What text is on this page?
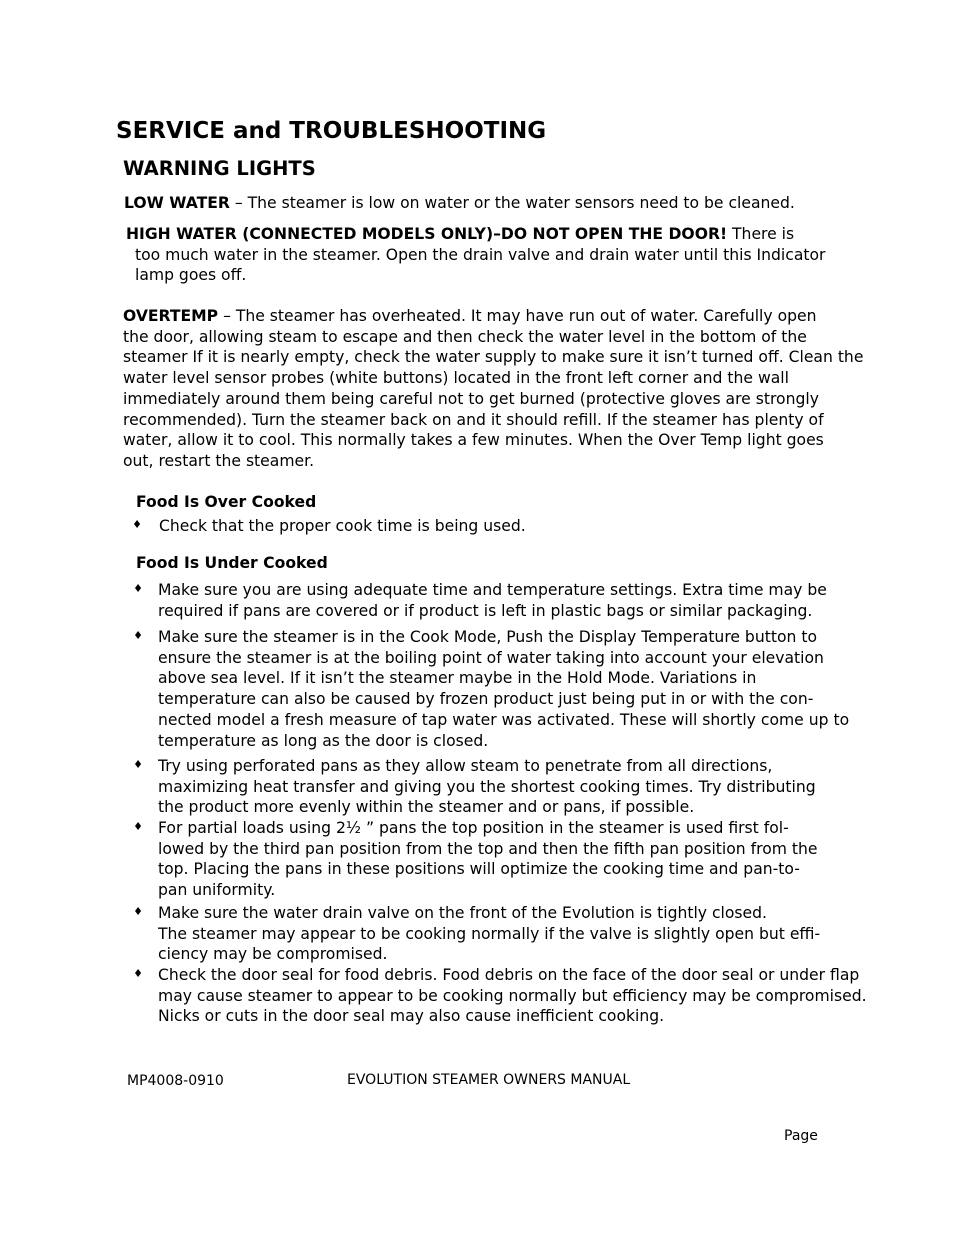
SERVICE and TROUBLESHOOTING
WARNING LIGHTS
LOW WATER – The steamer is low on water or the water sensors need to be cleaned.
HIGH WATER (CONNECTED MODELS ONLY)–DO NOT OPEN THE DOOR! There is
too much water in the steamer. Open the drain valve and drain water until this Indicator
lamp goes off.
OVERTEMP – The steamer has overheated. It may have run out of water. Carefully open
the door, allowing steam to escape and then check the water level in the bottom of the
steamer If it is nearly empty, check the water supply to make sure it isn’t turned off. Clean the
water level sensor probes (white buttons) located in the front left corner and the wall
immediately around them being careful not to get burned (protective gloves are strongly
recommended). Turn the steamer back on and it should refill. If the steamer has plenty of
water, allow it to cool. This normally takes a few minutes. When the Over Temp light goes
out, restart the steamer.
Food Is Over Cooked
♦ Check that the proper cook time is being used.
Food Is Under Cooked
♦ Make sure you are using adequate time and temperature settings. Extra time may be
required if pans are covered or if product is left in plastic bags or similar packaging.
♦ Make sure the steamer is in the Cook Mode, Push the Display Temperature button to
ensure the steamer is at the boiling point of water taking into account your elevation
above sea level. If it isn’t the steamer maybe in the Hold Mode. Variations in
temperature can also be caused by frozen product just being put in or with the con-
nected model a fresh measure of tap water was activated. These will shortly come up to
temperature as long as the door is closed.
♦ Try using perforated pans as they allow steam to penetrate from all directions,
maximizing heat transfer and giving you the shortest cooking times. Try distributing
the product more evenly within the steamer and or pans, if possible.
♦ For partial loads using 2½ ” pans the top position in the steamer is used first fol-
lowed by the third pan position from the top and then the fifth pan position from the
top. Placing the pans in these positions will optimize the cooking time and pan-to-
pan uniformity.
♦ Make sure the water drain valve on the front of the Evolution is tightly closed.
The steamer may appear to be cooking normally if the valve is slightly open but effi-
ciency may be compromised.
♦ Check the door seal for food debris. Food debris on the face of the door seal or under flap
may cause steamer to appear to be cooking normally but efficiency may be compromised.
Nicks or cuts in the door seal may also cause inefficient cooking.
MP4008-0910	EVOLUTION STEAMER OWNERS MANUAL
Page
